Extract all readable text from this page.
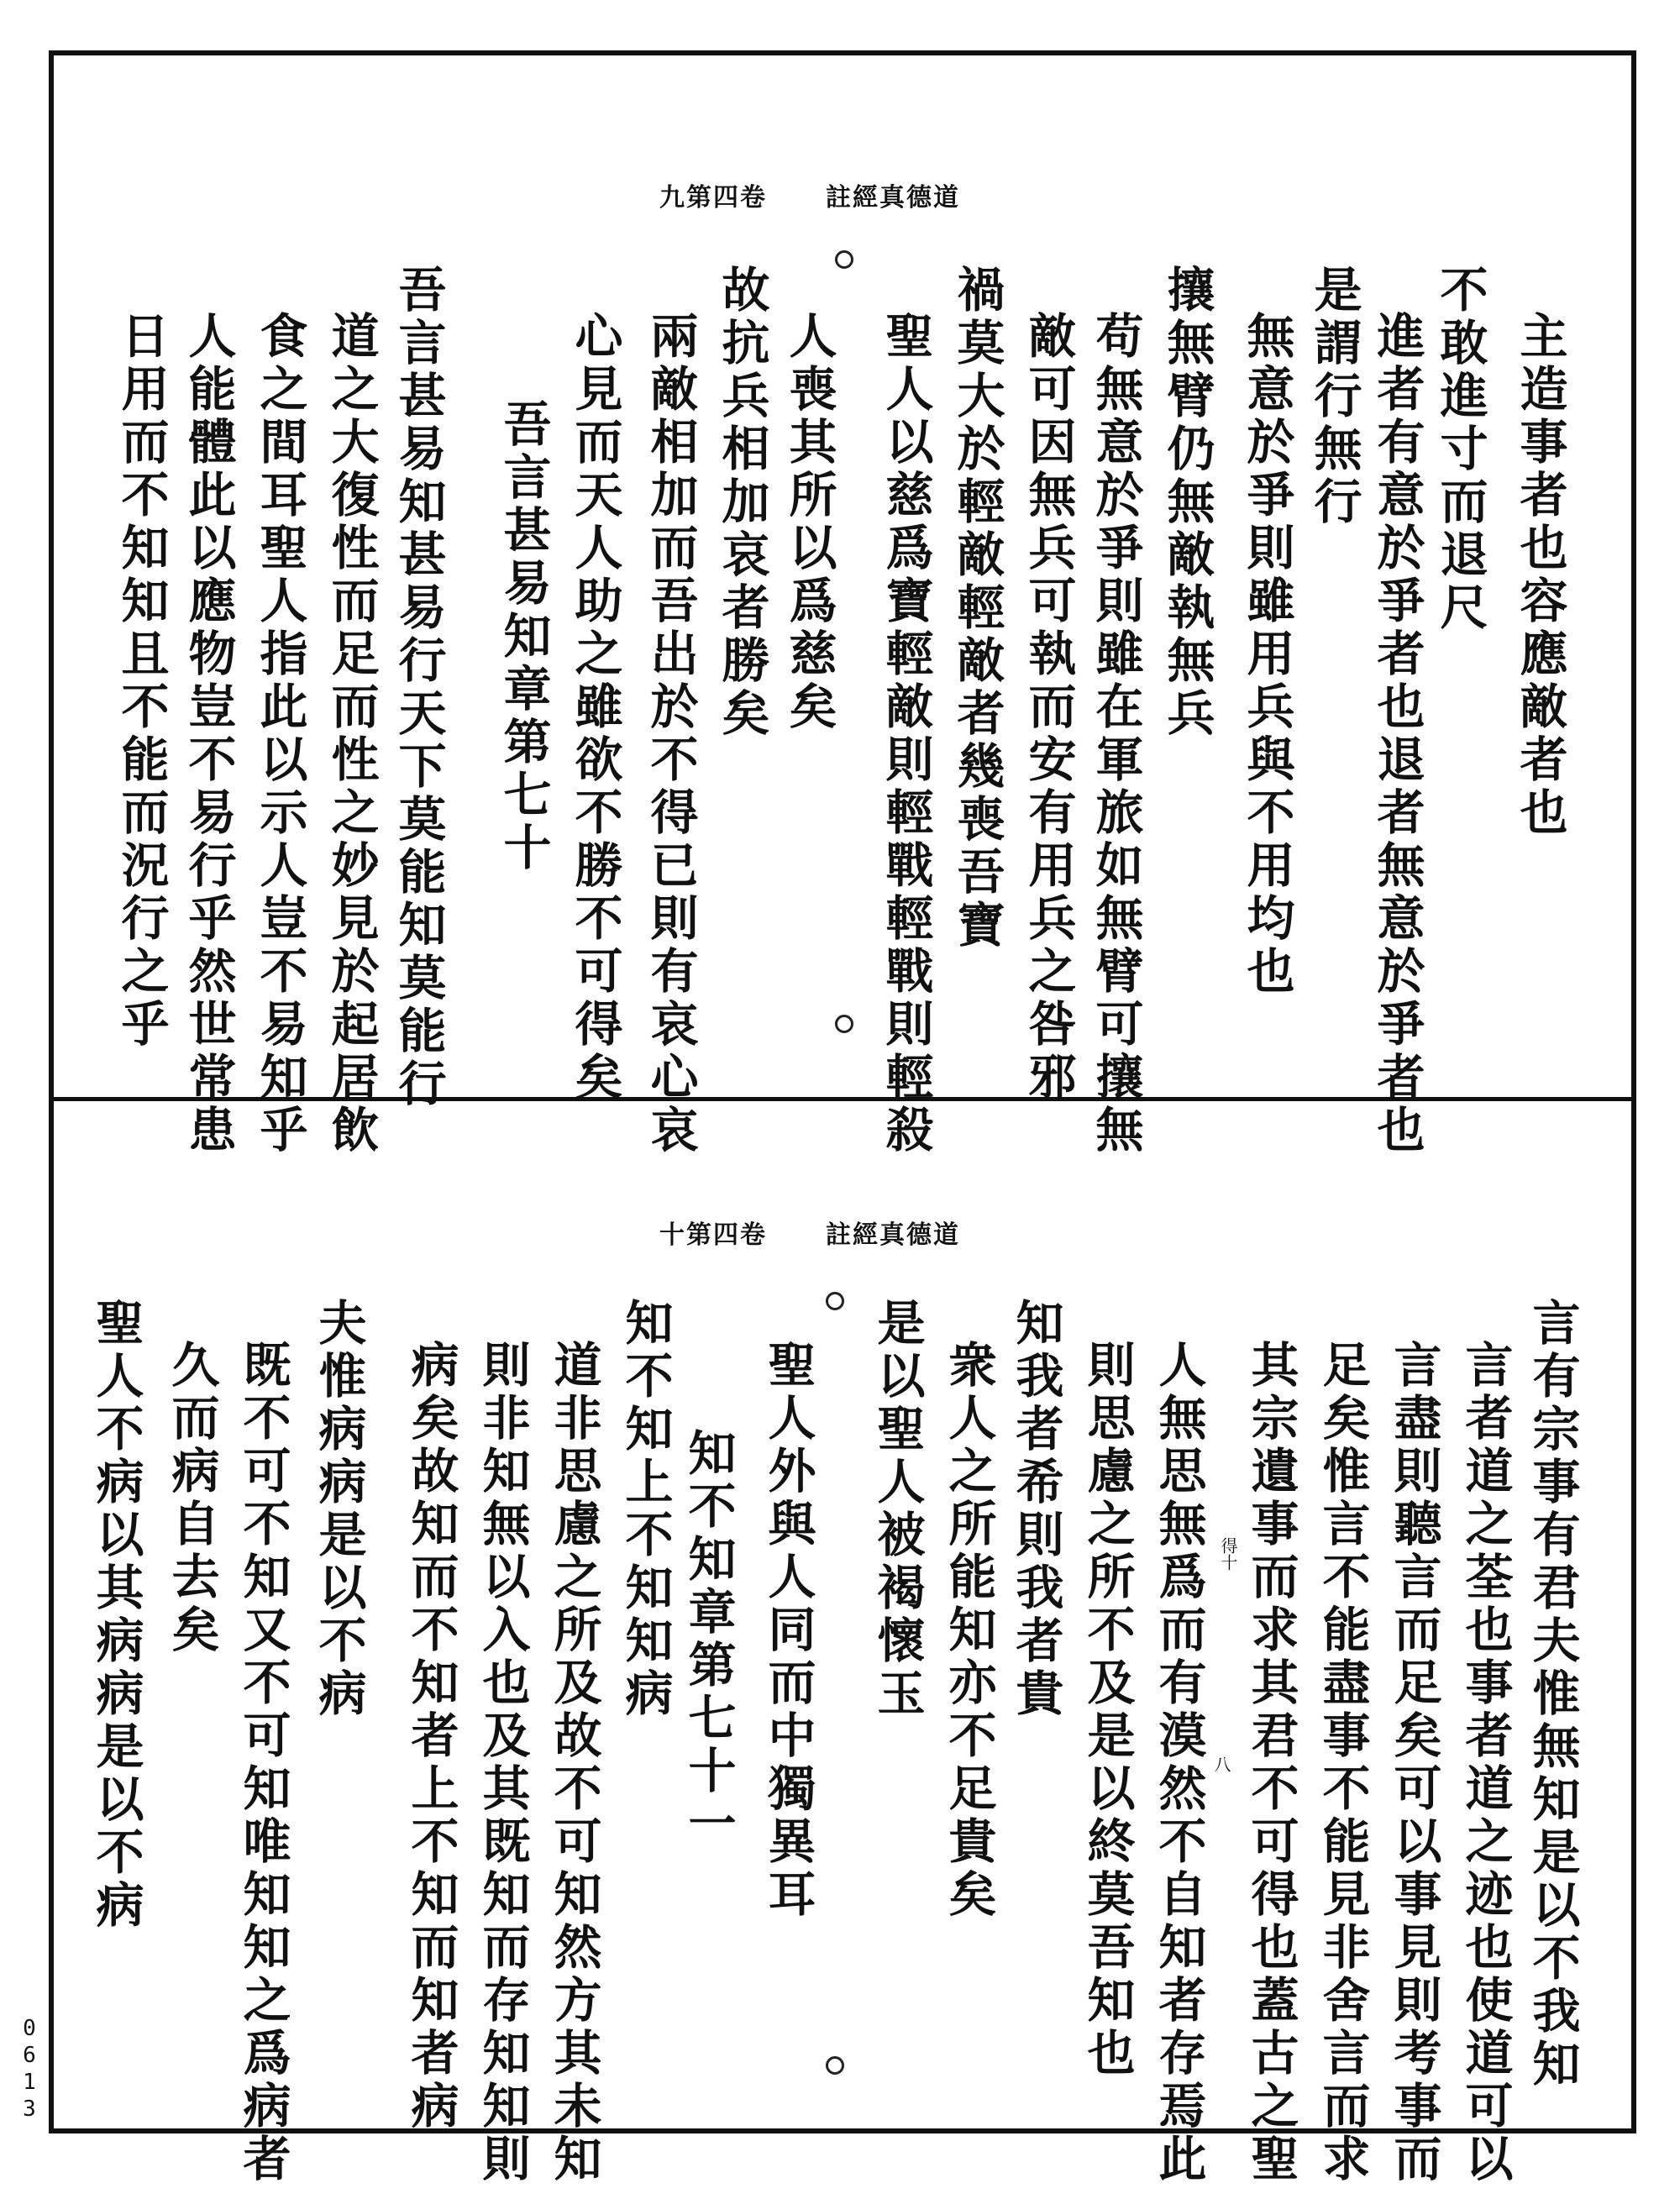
道德真經註卷四第九
主造事者也容應敵者也
不敢進寸而退尺
進者有意於爭者也退者無意於爭者也
是謂行無行
無意於爭則雖用兵與不用均也
攘無臂仍無敵執無兵
苟無意於爭則雖在軍旅如無臂可攘無
敵可因無兵可執而安有用兵之咎邪
禍莫大於輕敵輕敵者幾喪吾寶
聖人以慈爲寶輕敵則輕戰輕戰則輕殺
人喪其所以爲慈矣
故抗兵相加哀者勝矣
兩敵相加而吾出於不得已則有哀心哀
心見而天人助之雖欲不勝不可得矣
吾言甚易知章第七十
吾言甚易知甚易行天下莫能知莫能行
道之大復性而足而性之妙見於起居飲
食之間耳聖人指此以示人豈不易知乎
人能體此以應物豈不易行乎然世常患
日用而不知知且不能而況行之乎
道德真經註卷四第十
言有宗事有君夫惟無知是以不我知
言者道之荃也事者道之迹也使道可以
言盡則聽言而足矣可以事見則考事而
足矣惟言不能盡事不能見非舍言而求
其宗遺事而求其君不可得也蓋古之聖
人無思無爲而有漠然不自知者存焉此
則思慮之所不及是以終莫吾知也
知我者希則我者貴
衆人之所能知亦不足貴矣
是以聖人被褐懷玉
聖人外與人同而中獨異耳
知不知章第七十一
知不知上不知知病
道非思慮之所及故不可知然方其未知
則非知無以入也及其既知而存知知則
病矣故知而不知者上不知而知者病
夫惟病病是以不病
既不可不知又不可知唯知知之爲病者
久而病自去矣
聖人不病以其病病是以不病	得十
八
0613
